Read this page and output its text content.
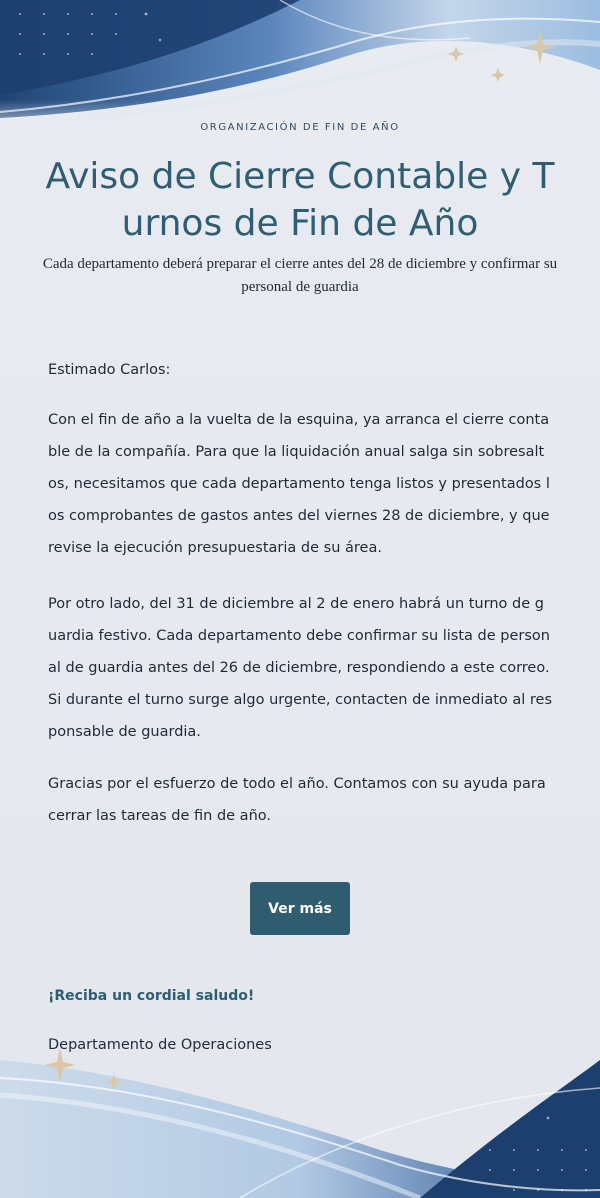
ORGANIZACIÓN DE FIN DE AÑO
Aviso de Cierre Contable y Turnos de Fin de Año
Cada departamento deberá preparar el cierre antes del 28 de diciembre y confirmar su personal de guardia

Estimado Carlos:

Con el fin de año a la vuelta de la esquina, ya arranca el cierre contable de la compañía. Para que la liquidación anual salga sin sobresaltos, necesitamos que cada departamento tenga listos y presentados los comprobantes de gastos antes del viernes 28 de diciembre, y que revise la ejecución presupuestaria de su área.

Por otro lado, del 31 de diciembre al 2 de enero habrá un turno de guardia festivo. Cada departamento debe confirmar su lista de personal de guardia antes del 26 de diciembre, respondiendo a este correo. Si durante el turno surge algo urgente, contacten de inmediato al responsable de guardia.

Gracias por el esfuerzo de todo el año. Contamos con su ayuda para cerrar las tareas de fin de año.

Ver más
¡Reciba un cordial saludo!
Departamento de Operaciones
